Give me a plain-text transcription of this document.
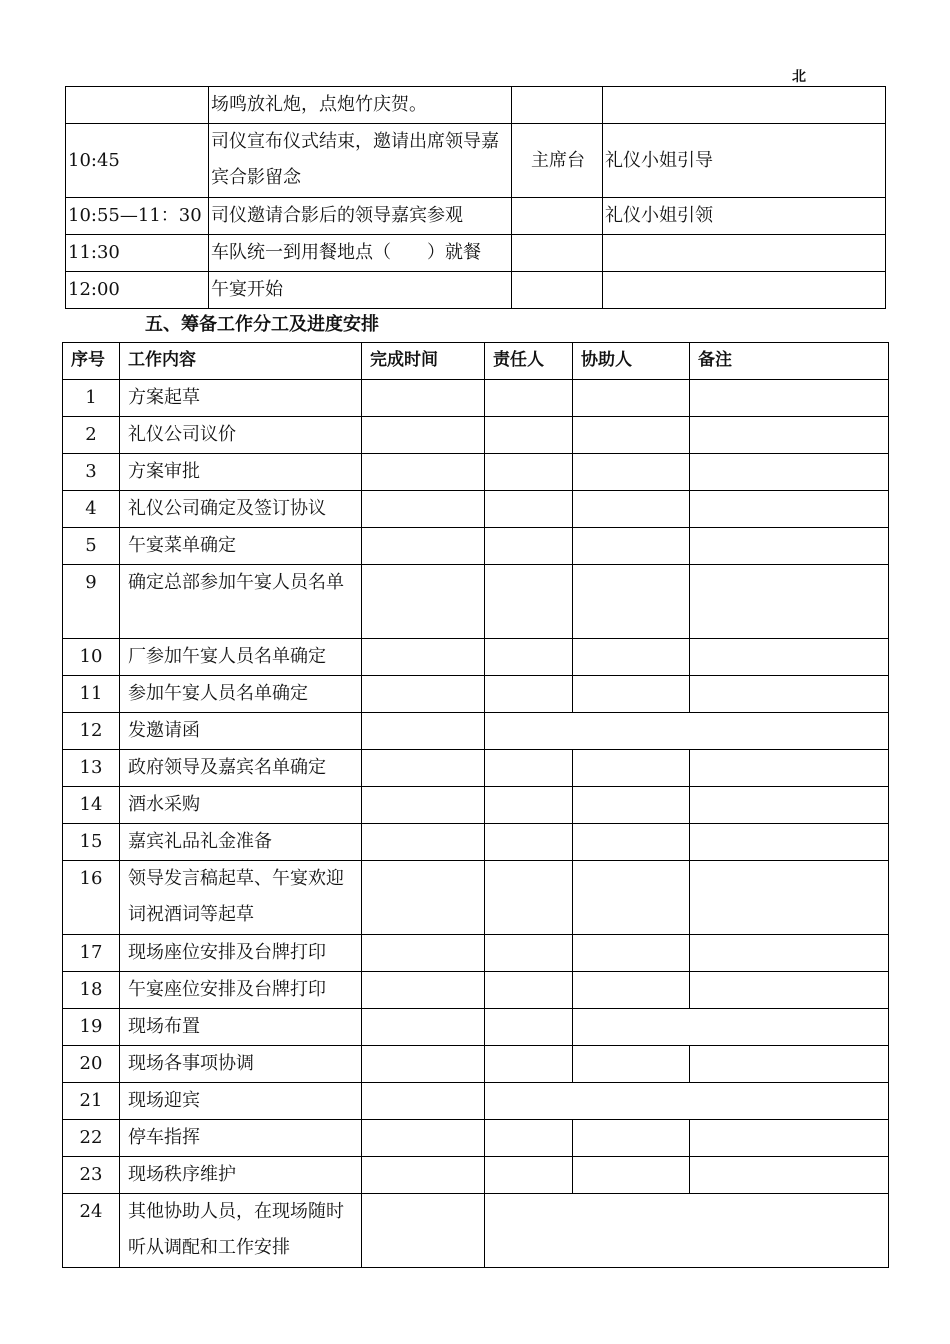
北
	场鸣放礼炮，点炮竹庆贺。		
10:45	司仪宣布仪式结束，邀请出席领导嘉宾合影留念	主席台	礼仪小姐引导
10:55—11：30	司仪邀请合影后的领导嘉宾参观		礼仪小姐引领
11:30	车队统一到用餐地点（　　）就餐		
12:00	午宴开始		
五、筹备工作分工及进度安排
序号	工作内容	完成时间	责任人	协助人	备注
1	方案起草				
2	礼仪公司议价				
3	方案审批				
4	礼仪公司确定及签订协议				
5	午宴菜单确定				
9	确定总部参加午宴人员名单				
10	厂参加午宴人员名单确定				
11	参加午宴人员名单确定				
12	发邀请函				
13	政府领导及嘉宾名单确定				
14	酒水采购				
15	嘉宾礼品礼金准备				
16	领导发言稿起草、午宴欢迎词祝酒词等起草				
17	现场座位安排及台牌打印				
18	午宴座位安排及台牌打印				
19	现场布置				
20	现场各事项协调				
21	现场迎宾				
22	停车指挥				
23	现场秩序维护				
24	其他协助人员，在现场随时听从调配和工作安排				
